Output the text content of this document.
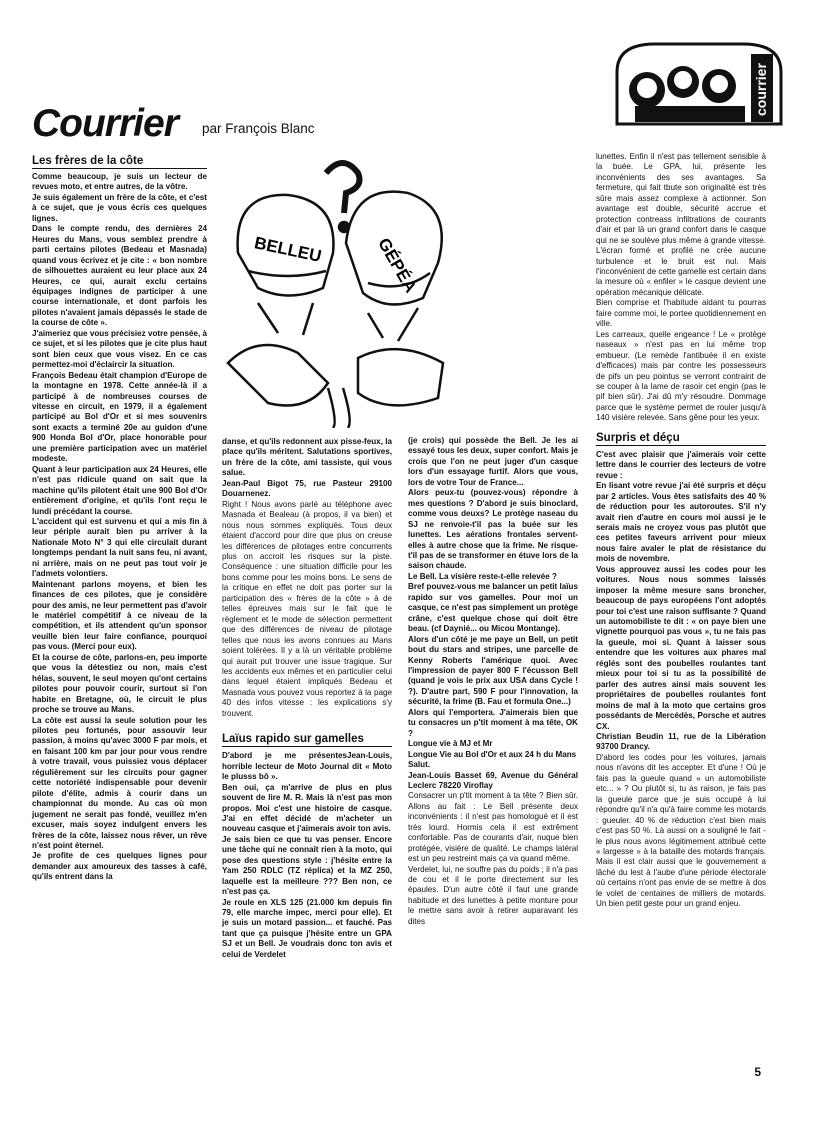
Courrier par François Blanc
courrier
BELLEU	GÉPÉA
Les frères de la côte

Comme beaucoup, je suis un lecteur de revues moto, et entre autres, de la vôtre.

Je suis également un frère de la côte, et c'est à ce sujet, que je vous écris ces quelques lignes.

Dans le compte rendu, des dernières 24 Heures du Mans, vous semblez prendre à parti certains pilotes (Bedeau et Masnada) quand vous écrivez et je cite : « bon nombre de silhouettes auraient eu leur place aux 24 Heures, ce qui, aurait exclu certains équipages indignes de participer à une course internationale, et dont parfois les pilotes n'avaient jamais dépassés le stade de la course de côte ».

J'aimeriez que vous précisiez votre pensée, à ce sujet, et si les pilotes que je cite plus haut sont bien ceux que vous visez. En ce cas permettez-moi d'éclaircir la situation.

François Bedeau était champion d'Europe de la montagne en 1978. Cette année-là il a participé à de nombreuses courses de vitesse en circuit, en 1979, il a également participé au Bol d'Or et si mes souvenirs sont exacts a terminé 20e au guidon d'une 900 Honda Bol d'Or, place honorable pour une première participation avec un matériel modeste.

Quant à leur participation aux 24 Heures, elle n'est pas ridicule quand on sait que la machine qu'ils pilotent était une 900 Bol d'Or entièrement d'origine, et qu'ils l'ont reçu le lundi précédant la course.

L'accident qui est survenu et qui a mis fin à leur périple aurait bien pu arriver à la Nationale Moto N° 3 qui elle circulait durant longtemps pendant la nuit sans feu, ni avant, ni arrière, mais on ne peut pas tout voir je l'admets volontiers.

Maintenant parlons moyens, et bien les finances de ces pilotes, que je considère pour des amis, ne leur permettent pas d'avoir le matériel compétitif à ce niveau de la compétition, et ils attendent qu'un sponsor veuille bien leur faire confiance, pourquoi pas vous. (Merci pour eux).

Et la course de côte, parlons-en, peu importe que vous la détestiez ou non, mais c'est hélas, souvent, le seul moyen qu'ont certains pilotes pour pouvoir courir, surtout si l'on habite en Bretagne, où, le circuit le plus proche se trouve au Mans.

La côte est aussi la seule solution pour les pilotes peu fortunés, pour assouvir leur passion, à moins qu'avec 3000 F par mois, et en faisant 100 km par jour pour vous rendre à votre travail, vous puissiez vous déplacer régulièrement sur les circuits pour gagner cette notoriété indispensable pour devenir pilote d'élite, admis à courir dans un championnat du monde. Au cas où mon jugement ne serait pas fondé, veuillez m'en excuser, mais soyez indulgent envers les frères de la côte, laissez nous rêver, un rêve n'est point éternel.

Je profite de ces quelques lignes pour demander aux amoureux des tasses à café, qu'ils entrent dans la

danse, et qu'ils redonnent aux pisse-feux, la place qu'ils méritent. Salutations sportives, un frère de la côte, ami tassiste, qui vous salue.

Jean-Paul Bigot 75, rue Pasteur 29100 Douarnenez.

Right ! Nous avons parlé au téléphone avec Masnada et Bealeau (à propos, il va bien) et nous nous sommes expliqués. Tous deux étaient d'accord pour dire que plus on creuse les différences de pilotages entre concurrents plus on accroit les risques sur la piste. Conséquence : une situation difficile pour les bons comme pour les moins bons. Le sens de la critique en effet ne doit pas porter sur la participation des « frères de la côte » à de telles épreuves mais sur le fait que le règlement et le mode de sélection permettent que des différences de niveau de pilotage telles que nous les avons connues au Mans soient tolérées. Il y a là un véritable problème qui aurait put trouver une issue tragique. Sur les accidents eux mêmes et en particulier celui dans lequel étaient impliqués Bedeau et Masnada vous pouvez vous reportez à la page 40 des infos vitesse : les explications s'y trouvent.

Laïus rapido sur gamelles

D'abord je me présentesJean-Louis, horrible lecteur de Moto Journal dit « Moto le plusss bô ».

Ben oui, ça m'arrive de plus en plus souvent de lire M. R. Mais là n'est pas mon propos. Moi c'est une histoire de casque. J'ai en effet décidé de m'acheter un nouveau casque et j'aimerais avoir ton avis.

Je sais bien ce que tu vas penser. Encore une tâche qui ne connaît rien à la moto, qui pose des questions style : j'hésite entre la Yam 250 RDLC (TZ réplica) et la MZ 250, laquelle est la meilleure ??? Ben non, ce n'est pas ça.

Je roule en XLS 125 (21.000 km depuis fin 79, elle marche impec, merci pour elle). Et je suis un motard passion... et fauché. Pas tant que ça puisque j'hésite entre un GPA SJ et un Bell. Je voudrais donc ton avis et celui de Verdelet

(je crois) qui possède the Bell. Je les ai essayé tous les deux, super confort. Mais je crois que l'on ne peut juger d'un casque lors d'un essayage furtif. Alors que vous, lors de votre Tour de France...

Alors peux-tu (pouvez-vous) répondre à mes questions ? D'abord je suis binoclard, comme vous deuxs? Le protège naseau du SJ ne renvoie-t'il pas la buée sur les lunettes. Les aérations frontales servent-elles à autre chose que la frime. Ne risque-t'il pas de se transformer en étuve lors de la saison chaude.

Le Bell. La visière reste-t-elle relevée ?

Bref pouvez-vous me balancer un petit laïus rapido sur vos gamelles. Pour moi un casque, ce n'est pas simplement un protège crâne, c'est quelque chose qui doit être beau. (cf Daynié... ou Micou Montange).

Alors d'un côté je me paye un Bell, un petit bout du stars and stripes, une parcelle de Kenny Roberts l'amérique quoi. Avec l'impression de payer 800 F l'écusson Bell (quand je vois le prix aux USA dans Cycle ! ?). D'autre part, 590 F pour l'innovation, la sécurité, la frime (B. Fau et formula One...)

Alors qui l'emportera. J'aimerais bien que tu consacres un p'tit moment à ma tête, OK ?

Longue vie à MJ et Mr

Longue Vie au Bol d'Or et aux 24 h du Mans

Salut.

Jean-Louis Basset 69, Avenue du Général Leclerc 78220 Viroflay

Consacrer un p'tit moment à ta tête ? Bien sûr. Allons au fait : Le Bell présente deux inconvénients : il n'est pas homologué et il est très lourd. Hormis cela il est extrêment confortable. Pas de courants d'air, nuque bien protégée, visière de qualité. Le champs latéral est un peu restreint mais ça va quand même.

Verdelet, lui, ne souffre pas du poids ; il n'a pas de cou et il le porte directement sur les épaules. D'un autre côté il faut une grande habitude et des lunettes à petite monture pour le mettre sans avoir à retirer auparavant les dites

lunettes. Enfin il n'est pas tellement sensible à la buée. Le GPA, lui, présente les inconvénients des ses avantages. Sa fermeture, qui fait tbute son originalité est très sûre mais assez complexe à actionner. Son avantage est double, sécurité accrue et protection contreass infiltrations de courants d'air et par là un grand confort dans le casque qui ne se soulève plus même à grande vitesse. L'écran formé et profilé ne crée aucune turbulence et le bruit est nul. Mais l'inconvénient de cette gamelle est certain dans la mesure où « enfiler » le casque devient une opération mécanique délicate.

Bien comprise et l'habitude aidant tu pourras faire comme moi, le portee quotidiennement en ville.

Les carreaux, quelle engeance ! Le « protège naseaux » n'est pas en lui même trop embueur. (Le remède l'antibuée il en existe d'efficaces) mais par contre les possesseurs de pifs un peu pointus se verront contraint de se couper à la lame de rasoir cet engin (pas le pif bien sûr). J'ai dû m'y résoudre. Dommage parce que le système permet de rouler jusqu'à 140 visière relevée. Sans gêne pour les yeux.

Surpris et déçu

C'est avec plaisir que j'aimerais voir cette lettre dans le courrier des lecteurs de votre revue :

En lisant votre revue j'ai été surpris et déçu par 2 articles. Vous êtes satisfaits des 40 % de réduction pour les autoroutes. S'il n'y avait rien d'autre en cours moi aussi je le serais mais ne croyez vous pas plutôt que ces petites faveurs arrivent pour mieux nous faire avaler le plat de résistance du mois de novembre.

Vous approuvez aussi les codes pour les voitures. Nous nous sommes laissés imposer la même mesure sans broncher, beaucoup de pays européens l'ont adoptés pour toi c'est une raison suffisante ? Quand un automobiliste te dit : « on paye bien une vignette pourquoi pas vous », tu ne fais pas la gueule, moi si. Quant à laisser sous entendre que les voitures aux phares mal réglés sont des poubelles roulantes tant mieux pour toi si tu as la possibilité de parler des autres ainsi mais souvent les propriétaires de poubelles roulantes font moins de mal à la moto que certains gros possédants de Mercédès, Porsche et autres CX.

Christian Beudin 11, rue de la Libération 93700 Drancy.

D'abord les codes pour les voitures, jamais nous n'avons dit les accepter. Et d'une ! Où je fais pas la gueule quand « un automobiliste etc... » ? Ou plutôt si, tu as raison, je fais pas la gueule parce que je suis occupé à lui répondre qu'il n'a qu'à faire comme les motards : gueuler. 40 % de réduction c'est bien mais c'est pas 50 %. Là aussi on a souligné le fait - le plus nous avons légitimement attribué cette « largesse » à la bataille des motards français. Mais il est clair aussi que le gouvernement a lâché du lest à l'aube d'une période électorale où certains n'ont pas envie de se mettre à dos le volet de centaines de milliers de motards. Un bien petit geste pour un grand enjeu.

5
